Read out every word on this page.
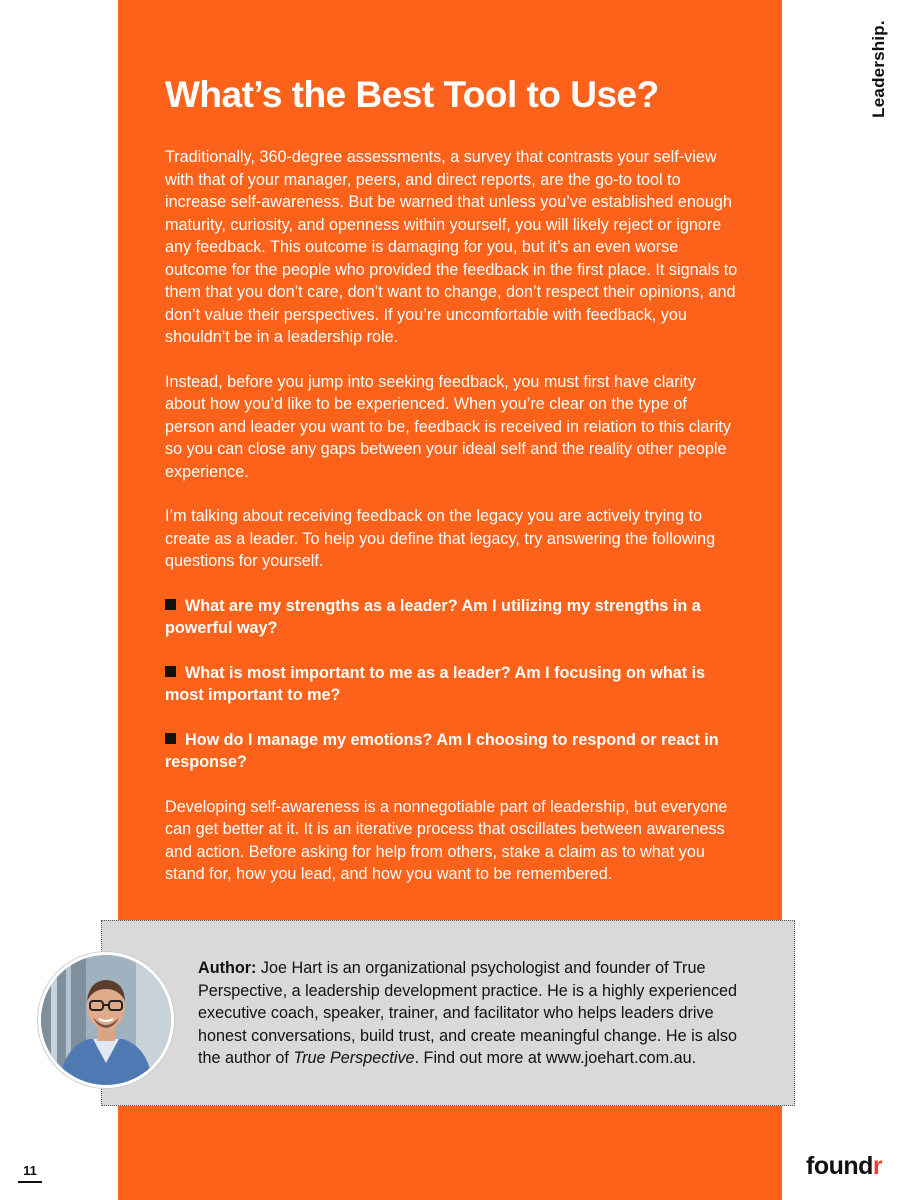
Leadership.
What’s the Best Tool to Use?

Traditionally, 360-degree assessments, a survey that contrasts your self-view with that of your manager, peers, and direct reports, are the go-to tool to increase self-awareness. But be warned that unless you’ve established enough maturity, curiosity, and openness within yourself, you will likely reject or ignore any feedback. This outcome is damaging for you, but it’s an even worse outcome for the people who provided the feedback in the first place. It signals to them that you don’t care, don’t want to change, don’t respect their opinions, and don’t value their perspectives. If you’re uncomfortable with feedback, you shouldn’t be in a leadership role.

Instead, before you jump into seeking feedback, you must first have clarity about how you’d like to be experienced. When you’re clear on the type of person and leader you want to be, feedback is received in relation to this clarity so you can close any gaps between your ideal self and the reality other people experience.

I’m talking about receiving feedback on the legacy you are actively trying to create as a leader. To help you define that legacy, try answering the following questions for yourself.

What are my strengths as a leader? Am I utilizing my strengths in a powerful way?

What is most important to me as a leader? Am I focusing on what is most important to me?

How do I manage my emotions? Am I choosing to respond or react in response?

Developing self-awareness is a nonnegotiable part of leadership, but everyone can get better at it. It is an iterative process that oscillates between awareness and action. Before asking for help from others, stake a claim as to what you stand for, how you lead, and how you want to be remembered.

Author: Joe Hart is an organizational psychologist and founder of True Perspective, a leadership development practice. He is a highly experienced executive coach, speaker, trainer, and facilitator who helps leaders drive honest conversations, build trust, and create meaningful change. He is also the author of True Perspective. Find out more at www.joehart.com.au.
11	foundr
